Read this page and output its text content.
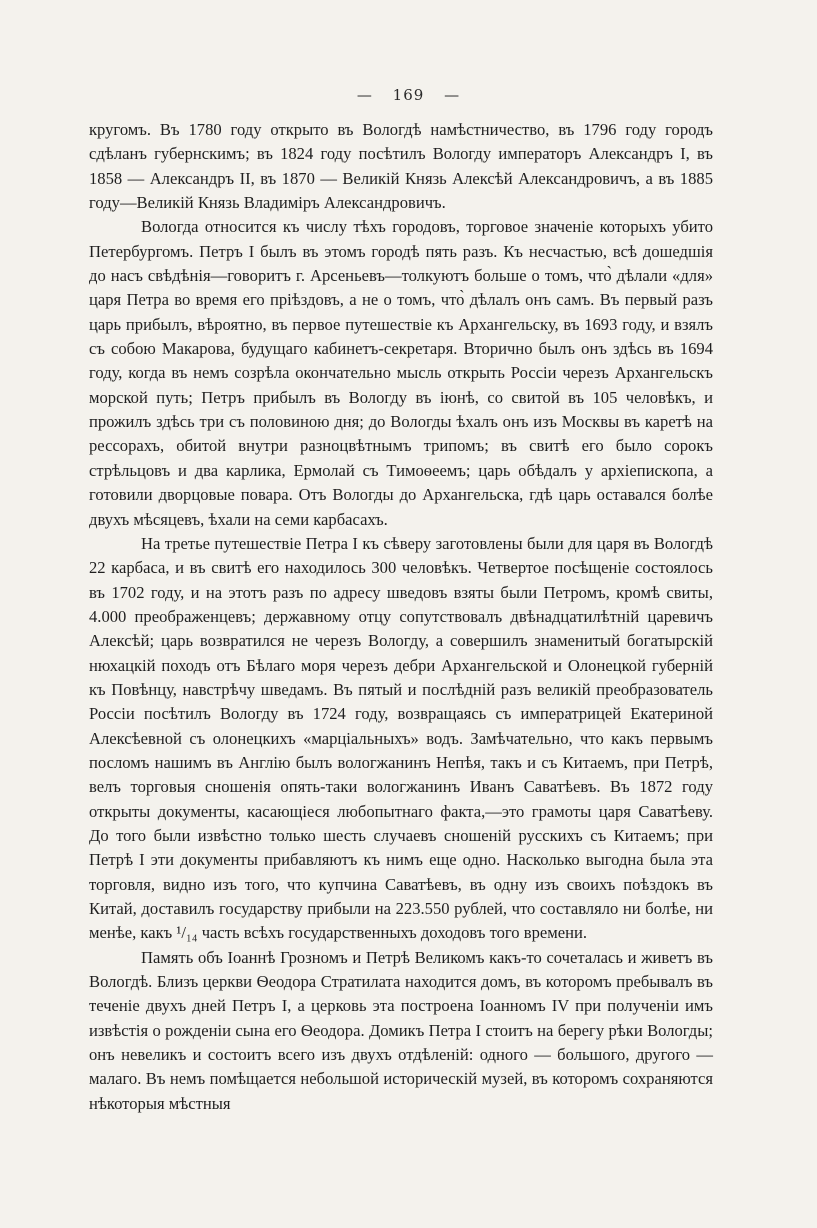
— 169 —

кругомъ. Въ 1780 году открыто въ Вологдѣ намѣстничество, въ 1796 году городъ сдѣланъ губернскимъ; въ 1824 году посѣтилъ Вологду императоръ Александръ I, въ 1858 — Александръ II, въ 1870 — Великій Князь Алексѣй Александровичъ, а въ 1885 году—Великій Князь Владиміръ Александровичъ.

Вологда относится къ числу тѣхъ городовъ, торговое значеніе которыхъ убито Петербургомъ. Петръ I былъ въ этомъ городѣ пять разъ. Къ несчастью, всѣ дошедшія до насъ свѣдѣнія—говоритъ г. Арсеньевъ—толкуютъ больше о томъ, что̀ дѣлали «для» царя Петра во время его пріѣздовъ, а не о томъ, что̀ дѣлалъ онъ самъ. Въ первый разъ царь прибылъ, вѣроятно, въ первое путешествіе къ Архангельску, въ 1693 году, и взялъ съ собою Макарова, будущаго кабинетъ-секретаря. Вторично былъ онъ здѣсь въ 1694 году, когда въ немъ созрѣла окончательно мысль открыть Россіи черезъ Архангельскъ морской путь; Петръ прибылъ въ Вологду въ іюнѣ, со свитой въ 105 человѣкъ, и прожилъ здѣсь три съ половиною дня; до Вологды ѣхалъ онъ изъ Москвы въ каретѣ на рессорахъ, обитой внутри разноцвѣтнымъ трипомъ; въ свитѣ его было сорокъ стрѣльцовъ и два карлика, Ермолай съ Тимоѳеемъ; царь обѣдалъ у архіепископа, а готовили дворцовые повара. Отъ Вологды до Архангельска, гдѣ царь оставался болѣе двухъ мѣсяцевъ, ѣхали на семи карбасахъ.

На третье путешествіе Петра I къ сѣверу заготовлены были для царя въ Вологдѣ 22 карбаса, и въ свитѣ его находилось 300 человѣкъ. Четвертое посѣщеніе состоялось въ 1702 году, и на этотъ разъ по адресу шведовъ взяты были Петромъ, кромѣ свиты, 4.000 преображенцевъ; державному отцу сопутствовалъ двѣнадцатилѣтній царевичъ Алексѣй; царь возвратился не черезъ Вологду, а совершилъ знаменитый богатырскій нюхацкій походъ отъ Бѣлаго моря черезъ дебри Архангельской и Олонецкой губерній къ Повѣнцу, навстрѣчу шведамъ. Въ пятый и послѣдній разъ великій преобразователь Россіи посѣтилъ Вологду въ 1724 году, возвращаясь съ императрицей Екатериной Алексѣевной съ олонецкихъ «марціальныхъ» водъ. Замѣчательно, что какъ первымъ посломъ нашимъ въ Англію былъ вологжанинъ Непѣя, такъ и съ Китаемъ, при Петрѣ, велъ торговыя сношенія опять-таки вологжанинъ Иванъ Саватѣевъ. Въ 1872 году открыты документы, касающіеся любопытнаго факта,—это грамоты царя Саватѣеву. До того были извѣстно только шесть случаевъ сношеній русскихъ съ Китаемъ; при Петрѣ I эти документы прибавляютъ къ нимъ еще одно. Насколько выгодна была эта торговля, видно изъ того, что купчина Саватѣевъ, въ одну изъ своихъ поѣздокъ въ Китай, доставилъ государству прибыли на 223.550 рублей, что составляло ни болѣе, ни менѣе, какъ ¹/₁₄ часть всѣхъ государственныхъ доходовъ того времени.

Память объ Іоаннѣ Грозномъ и Петрѣ Великомъ какъ-то сочеталась и живетъ въ Вологдѣ. Близъ церкви Ѳеодора Стратилата находится домъ, въ которомъ пребывалъ въ теченіе двухъ дней Петръ I, а церковь эта построена Іоанномъ IV при полученіи имъ извѣстія о рожденіи сына его Ѳеодора. Домикъ Петра I стоитъ на берегу рѣки Вологды; онъ невеликъ и состоитъ всего изъ двухъ отдѣленій: одного — большого, другого — малаго. Въ немъ помѣщается небольшой историческій музей, въ которомъ сохраняются нѣкоторыя мѣстныя
